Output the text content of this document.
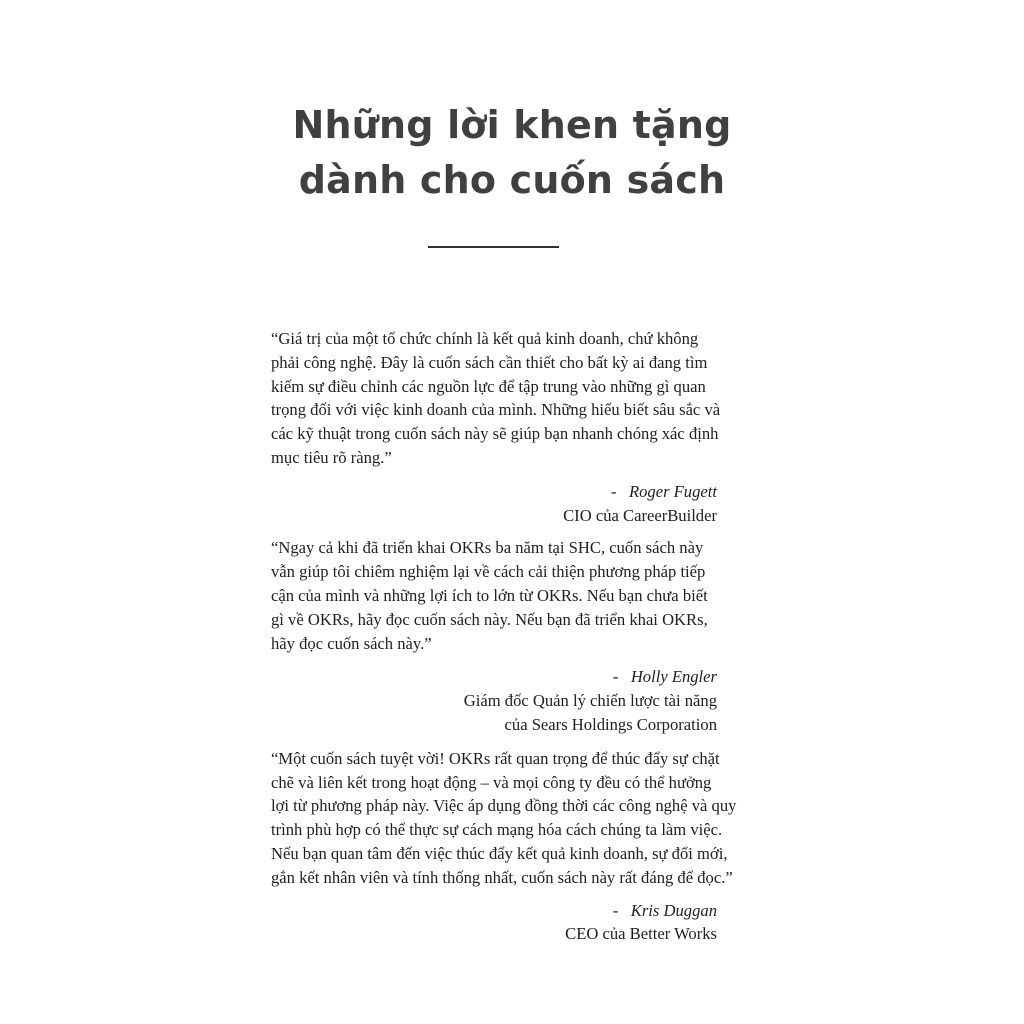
Những lời khen tặng
dành cho cuốn sách
“Giá trị của một tổ chức chính là kết quả kinh doanh, chứ không
phải công nghệ. Đây là cuốn sách cần thiết cho bất kỳ ai đang tìm
kiếm sự điều chỉnh các nguồn lực để tập trung vào những gì quan
trọng đối với việc kinh doanh của mình. Những hiểu biết sâu sắc và
các kỹ thuật trong cuốn sách này sẽ giúp bạn nhanh chóng xác định
mục tiêu rõ ràng.”
- Roger Fugett
CIO của CareerBuilder
“Ngay cả khi đã triển khai OKRs ba năm tại SHC, cuốn sách này
vẫn giúp tôi chiêm nghiệm lại về cách cải thiện phương pháp tiếp
cận của mình và những lợi ích to lớn từ OKRs. Nếu bạn chưa biết
gì về OKRs, hãy đọc cuốn sách này. Nếu bạn đã triển khai OKRs,
hãy đọc cuốn sách này.”
- Holly Engler
Giám đốc Quản lý chiến lược tài năng
của Sears Holdings Corporation
“Một cuốn sách tuyệt vời! OKRs rất quan trọng để thúc đẩy sự chặt
chẽ và liên kết trong hoạt động – và mọi công ty đều có thể hưởng
lợi từ phương pháp này. Việc áp dụng đồng thời các công nghệ và quy
trình phù hợp có thể thực sự cách mạng hóa cách chúng ta làm việc.
Nếu bạn quan tâm đến việc thúc đẩy kết quả kinh doanh, sự đổi mới,
gắn kết nhân viên và tính thống nhất, cuốn sách này rất đáng để đọc.”
- Kris Duggan
CEO của Better Works
